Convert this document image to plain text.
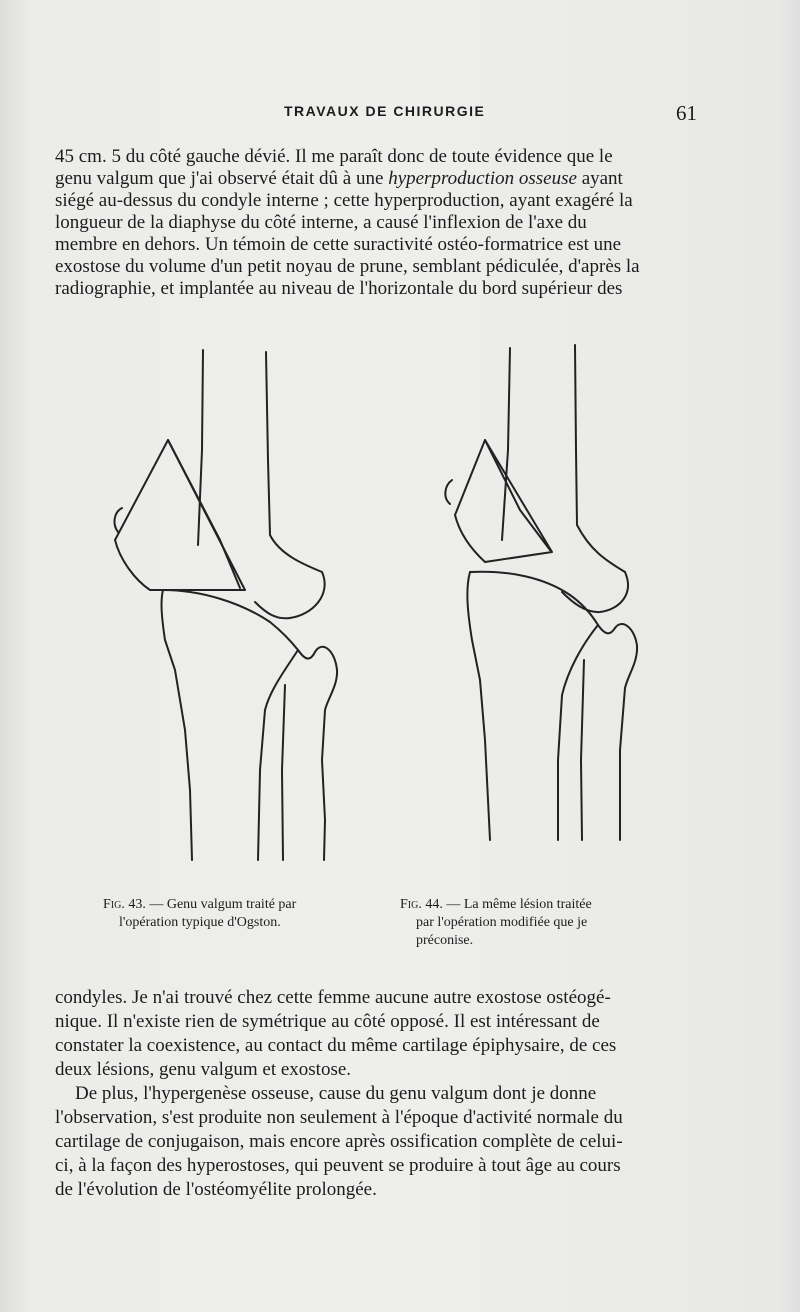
TRAVAUX DE CHIRURGIE	61

45 cm. 5 du côté gauche dévié. Il me paraît donc de toute évidence que le

genu valgum que j'ai observé était dû à une hyperproduction osseuse ayant

siégé au-dessus du condyle interne ; cette hyperproduction, ayant exagéré la

longueur de la diaphyse du côté interne, a causé l'inflexion de l'axe du

membre en dehors. Un témoin de cette suractivité ostéo-formatrice est une

exostose du volume d'un petit noyau de prune, semblant pédiculée, d'après la

radiographie, et implantée au niveau de l'horizontale du bord supérieur des

Fig. 43. — Genu valgum traité par
l'opération typique d'Ogston.
Fig. 44. — La même lésion traitée
par l'opération modifiée que je
préconise.

condyles. Je n'ai trouvé chez cette femme aucune autre exostose ostéogé-

nique. Il n'existe rien de symétrique au côté opposé. Il est intéressant de

constater la coexistence, au contact du même cartilage épiphysaire, de ces

deux lésions, genu valgum et exostose.

De plus, l'hypergenèse osseuse, cause du genu valgum dont je donne

l'observation, s'est produite non seulement à l'époque d'activité normale du

cartilage de conjugaison, mais encore après ossification complète de celui-

ci, à la façon des hyperostoses, qui peuvent se produire à tout âge au cours

de l'évolution de l'ostéomyélite prolongée.
